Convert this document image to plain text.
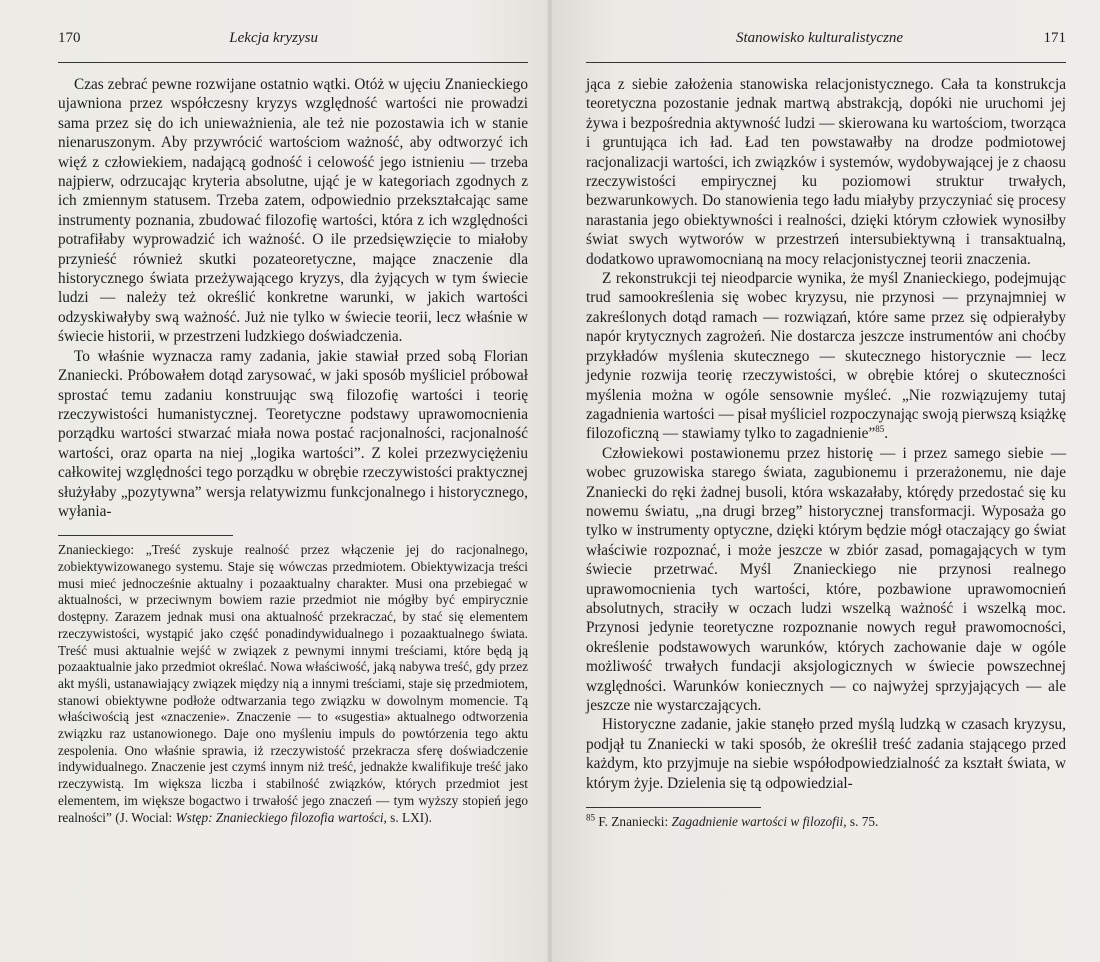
170	Lekcja kryzysu

Czas zebrać pewne rozwijane ostatnio wątki. Otóż w ujęciu Znanieckiego ujawniona przez współczesny kryzys względność wartości nie prowadzi sama przez się do ich unieważnienia, ale też nie pozostawia ich w stanie nienaruszonym. Aby przywrócić wartościom ważność, aby odtworzyć ich więź z człowiekiem, nadającą godność i celowość jego istnieniu — trzeba najpierw, odrzucając kryteria absolutne, ująć je w kategoriach zgodnych z ich zmiennym statusem. Trzeba zatem, odpowiednio przekształcając same instrumenty poznania, zbudować filozofię wartości, która z ich względności potrafiłaby wyprowadzić ich ważność. O ile przedsięwzięcie to miałoby przynieść również skutki pozateoretyczne, mające znaczenie dla historycznego świata przeżywającego kryzys, dla żyjących w tym świecie ludzi — należy też określić konkretne warunki, w jakich wartości odzyskiwałyby swą ważność. Już nie tylko w świecie teorii, lecz właśnie w świecie historii, w przestrzeni ludzkiego doświadczenia.

To właśnie wyznacza ramy zadania, jakie stawiał przed sobą Florian Znaniecki. Próbowałem dotąd zarysować, w jaki sposób myśliciel próbował sprostać temu zadaniu konstruując swą filozofię wartości i teorię rzeczywistości humanistycznej. Teoretyczne podstawy uprawomocnienia porządku wartości stwarzać miała nowa postać racjonalności, racjonalność wartości, oraz oparta na niej „logika wartości”. Z kolei przezwyciężeniu całkowitej względności tego porządku w obrębie rzeczywistości praktycznej służyłaby „pozytywna” wersja relatywizmu funkcjonalnego i historycznego, wyłania-

Znanieckiego: „Treść zyskuje realność przez włączenie jej do racjonalnego, zobiektywizowanego systemu. Staje się wówczas przedmiotem. Obiektywizacja treści musi mieć jednocześnie aktualny i pozaaktualny charakter. Musi ona przebiegać w aktualności, w przeciwnym bowiem razie przedmiot nie mógłby być empirycznie dostępny. Zarazem jednak musi ona aktualność przekraczać, by stać się elementem rzeczywistości, wystąpić jako część ponadindywidualnego i pozaaktualnego świata. Treść musi aktualnie wejść w związek z pewnymi innymi treściami, które będą ją pozaaktualnie jako przedmiot określać. Nowa właściwość, jaką nabywa treść, gdy przez akt myśli, ustanawiający związek między nią a innymi treściami, staje się przedmiotem, stanowi obiektywne podłoże odtwarzania tego związku w dowolnym momencie. Tą właściwością jest «znaczenie». Znaczenie — to «sugestia» aktualnego odtworzenia związku raz ustanowionego. Daje ono myśleniu impuls do powtórzenia tego aktu zespolenia. Ono właśnie sprawia, iż rzeczywistość przekracza sferę doświadczenie indywidualnego. Znaczenie jest czymś innym niż treść, jednakże kwalifikuje treść jako rzeczywistą. Im większa liczba i stabilność związków, których przedmiot jest elementem, im większe bogactwo i trwałość jego znaczeń — tym wyższy stopień jego realności” (J. Wocial: Wstęp: Znanieckiego filozofia wartości, s. LXI).

Stanowisko kulturalistyczne	171

jąca z siebie założenia stanowiska relacjonistycznego. Cała ta konstrukcja teoretyczna pozostanie jednak martwą abstrakcją, dopóki nie uruchomi jej żywa i bezpośrednia aktywność ludzi — skierowana ku wartościom, tworząca i gruntująca ich ład. Ład ten powstawałby na drodze podmiotowej racjonalizacji wartości, ich związków i systemów, wydobywającej je z chaosu rzeczywistości empirycznej ku poziomowi struktur trwałych, bezwarunkowych. Do stanowienia tego ładu miałyby przyczyniać się procesy narastania jego obiektywności i realności, dzięki którym człowiek wynosiłby świat swych wytworów w przestrzeń intersubiektywną i transaktualną, dodatkowo uprawomocnianą na mocy relacjonistycznej teorii znaczenia.

Z rekonstrukcji tej nieodparcie wynika, że myśl Znanieckiego, podejmując trud samookreślenia się wobec kryzysu, nie przynosi — przynajmniej w zakreślonych dotąd ramach — rozwiązań, które same przez się odpierałyby napór krytycznych zagrożeń. Nie dostarcza jeszcze instrumentów ani choćby przykładów myślenia skutecznego — skutecznego historycznie — lecz jedynie rozwija teorię rzeczywistości, w obrębie której o skuteczności myślenia można w ogóle sensownie myśleć. „Nie rozwiązujemy tutaj zagadnienia wartości — pisał myśliciel rozpoczynając swoją pierwszą książkę filozoficzną — stawiamy tylko to zagadnienie”$^{85}$.

Człowiekowi postawionemu przez historię — i przez samego siebie — wobec gruzowiska starego świata, zagubionemu i przerażonemu, nie daje Znaniecki do ręki żadnej busoli, która wskazałaby, którędy przedostać się ku nowemu światu, „na drugi brzeg” historycznej transformacji. Wyposaża go tylko w instrumenty optyczne, dzięki którym będzie mógł otaczający go świat właściwie rozpoznać, i może jeszcze w zbiór zasad, pomagających w tym świecie przetrwać. Myśl Znanieckiego nie przynosi realnego uprawomocnienia tych wartości, które, pozbawione uprawomocnień absolutnych, straciły w oczach ludzi wszelką ważność i wszelką moc. Przynosi jedynie teoretyczne rozpoznanie nowych reguł prawomocności, określenie podstawowych warunków, których zachowanie daje w ogóle możliwość trwałych fundacji aksjologicznych w świecie powszechnej względności. Warunków koniecznych — co najwyżej sprzyjających — ale jeszcze nie wystarczających.

Historyczne zadanie, jakie stanęło przed myślą ludzką w czasach kryzysu, podjął tu Znaniecki w taki sposób, że określił treść zadania stającego przed każdym, kto przyjmuje na siebie współodpowiedzialność za kształt świata, w którym żyje. Dzielenia się tą odpowiedzial-

$^{85}$ F. Znaniecki: Zagadnienie wartości w filozofii, s. 75.
